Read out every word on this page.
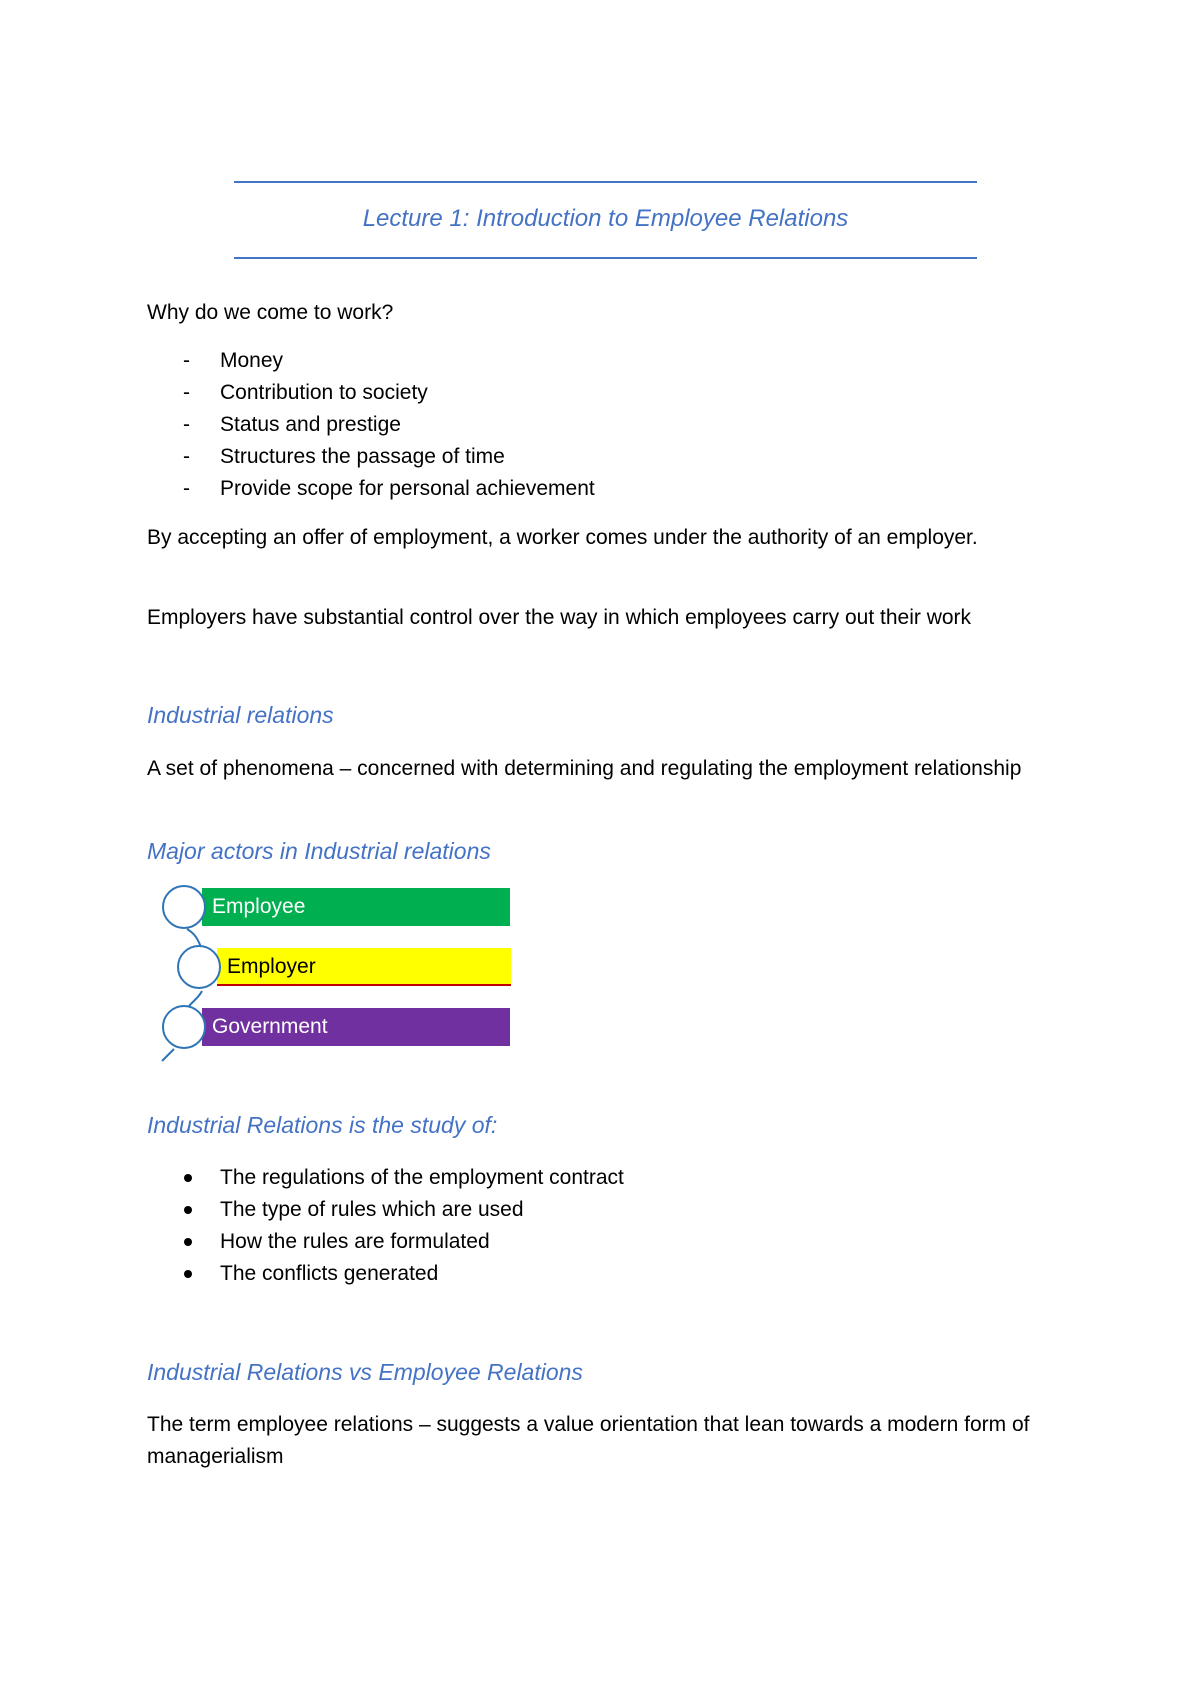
Lecture 1: Introduction to Employee Relations
Why do we come to work?
- Money
- Contribution to society
- Status and prestige
- Structures the passage of time
- Provide scope for personal achievement
By accepting an offer of employment, a worker comes under the authority of an employer.
Employers have substantial control over the way in which employees carry out their work
Industrial relations
A set of phenomena – concerned with determining and regulating the employment relationship
Major actors in Industrial relations
Employee
Employer
Government
Industrial Relations is the study of:
The regulations of the employment contract
The type of rules which are used
How the rules are formulated
The conflicts generated
Industrial Relations vs Employee Relations
The term employee relations – suggests a value orientation that lean towards a modern form of managerialism
